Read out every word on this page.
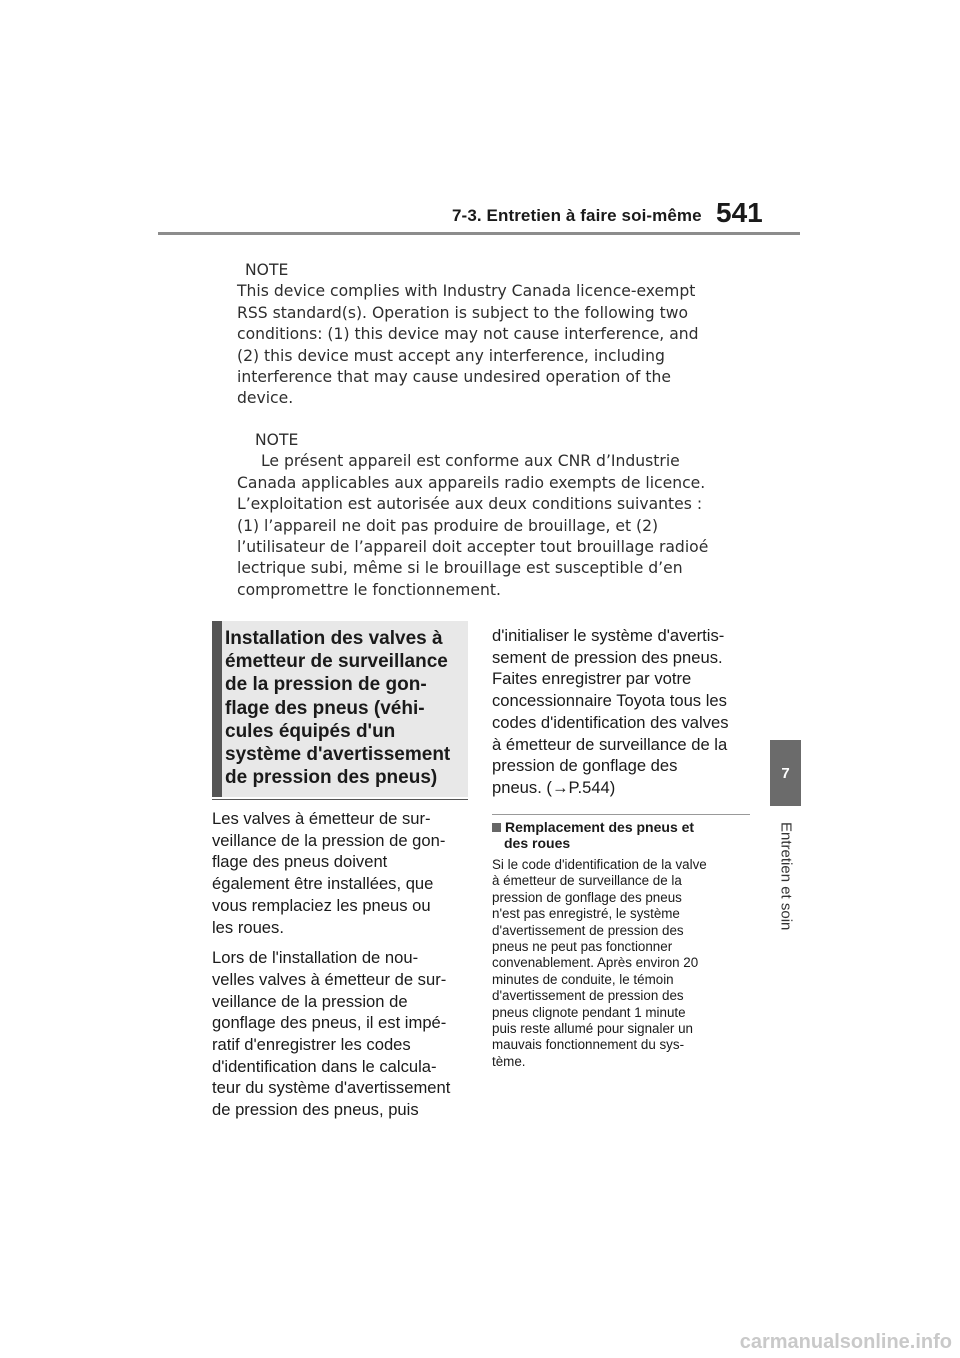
7-3. Entretien à faire soi-même 541
7
Entretien et soin
NOTE
This device complies with Industry Canada licence-exempt
RSS standard(s). Operation is subject to the following two
conditions: (1) this device may not cause interference, and
(2) this device must accept any interference, including
interference that may cause undesired operation of the
device.
NOTE
Le présent appareil est conforme aux CNR d’Industrie
Canada applicables aux appareils radio exempts de licence.
L’exploitation est autorisée aux deux conditions suivantes :
(1) l’appareil ne doit pas produire de brouillage, et (2)
l’utilisateur de l’appareil doit accepter tout brouillage radioé
lectrique subi, même si le brouillage est susceptible d’en
compromettre le fonctionnement.
Installation des valves à
émetteur de surveillance
de la pression de gon-
flage des pneus (véhi-
cules équipés d'un
système d'avertissement
de pression des pneus)

Les valves à émetteur de sur-
veillance de la pression de gon-
flage des pneus doivent
également être installées, que
vous remplaciez les pneus ou
les roues.

Lors de l'installation de nou-
velles valves à émetteur de sur-
veillance de la pression de
gonflage des pneus, il est impé-
ratif d'enregistrer les codes
d'identification dans le calcula-
teur du système d'avertissement
de pression des pneus, puis

d'initialiser le système d'avertis-
sement de pression des pneus.
Faites enregistrer par votre
concessionnaire Toyota tous les
codes d'identification des valves
à émetteur de surveillance de la
pression de gonflage des
pneus. (→P.544)

Remplacement des pneus et
des roues

Si le code d'identification de la valve
à émetteur de surveillance de la
pression de gonflage des pneus
n'est pas enregistré, le système
d'avertissement de pression des
pneus ne peut pas fonctionner
convenablement. Après environ 20
minutes de conduite, le témoin
d'avertissement de pression des
pneus clignote pendant 1 minute
puis reste allumé pour signaler un
mauvais fonctionnement du sys-
tème.

carmanualsonline.info
